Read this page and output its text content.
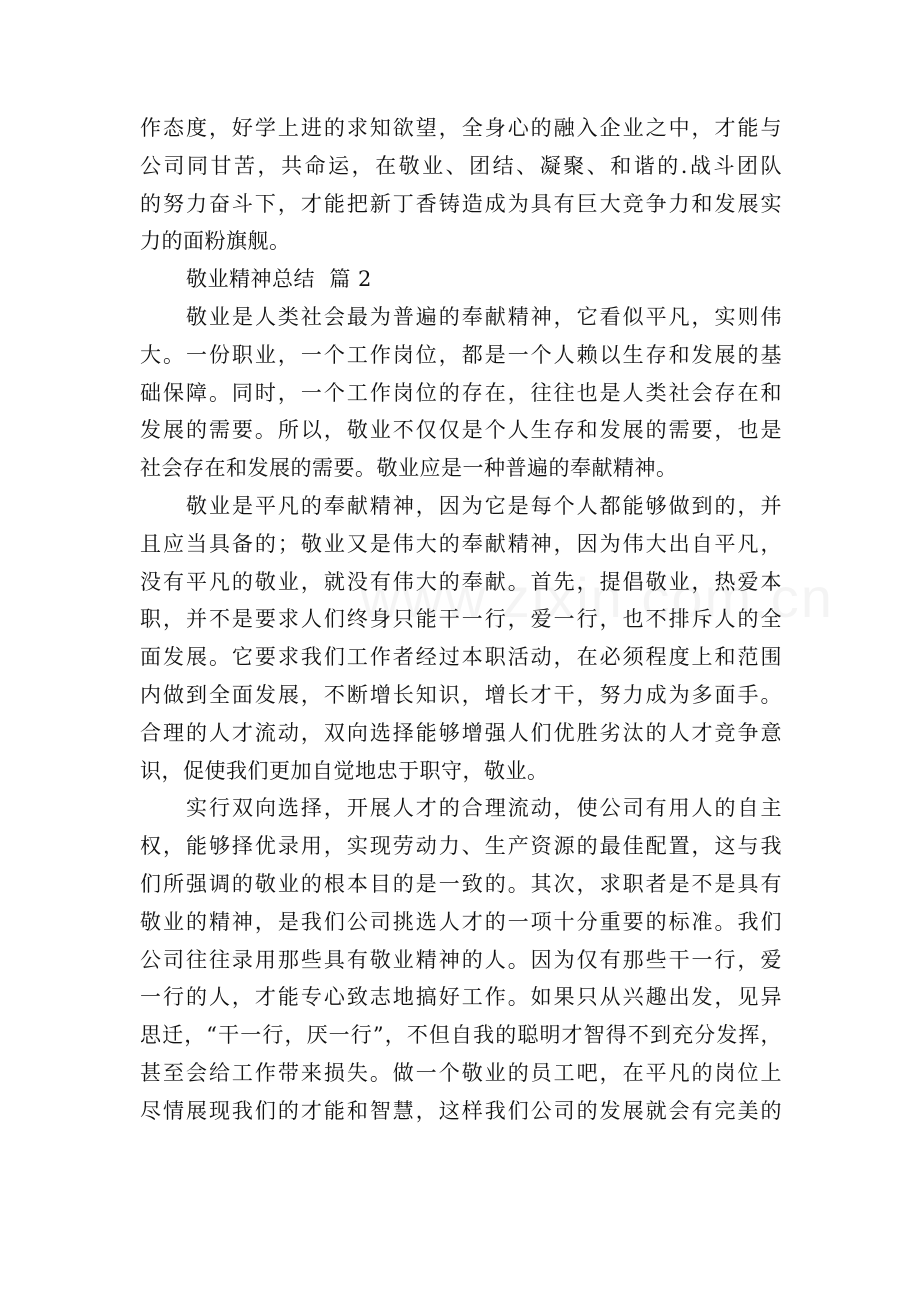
作态度，好学上进的求知欲望，全身心的融入企业之中，才能与
公司同甘苦，共命运，在敬业、团结、凝聚、和谐的.战斗团队
的努力奋斗下，才能把新丁香铸造成为具有巨大竞争力和发展实
力的面粉旗舰。
敬业精神总结  篇 2
敬业是人类社会最为普遍的奉献精神，它看似平凡，实则伟
大。一份职业，一个工作岗位，都是一个人赖以生存和发展的基
础保障。同时，一个工作岗位的存在，往往也是人类社会存在和
发展的需要。所以，敬业不仅仅是个人生存和发展的需要，也是
社会存在和发展的需要。敬业应是一种普遍的奉献精神。
敬业是平凡的奉献精神，因为它是每个人都能够做到的，并
且应当具备的；敬业又是伟大的奉献精神，因为伟大出自平凡，
没有平凡的敬业，就没有伟大的奉献。首先，提倡敬业，热爱本
职，并不是要求人们终身只能干一行，爱一行，也不排斥人的全
面发展。它要求我们工作者经过本职活动，在必须程度上和范围
内做到全面发展，不断增长知识，增长才干，努力成为多面手。
合理的人才流动，双向选择能够增强人们优胜劣汰的人才竞争意
识，促使我们更加自觉地忠于职守，敬业。
实行双向选择，开展人才的合理流动，使公司有用人的自主
权，能够择优录用，实现劳动力、生产资源的最佳配置，这与我
们所强调的敬业的根本目的是一致的。其次，求职者是不是具有
敬业的精神，是我们公司挑选人才的一项十分重要的标准。我们
公司往往录用那些具有敬业精神的人。因为仅有那些干一行，爱
一行的人，才能专心致志地搞好工作。如果只从兴趣出发，见异
思迁，“干一行，厌一行”，不但自我的聪明才智得不到充分发挥，
甚至会给工作带来损失。做一个敬业的员工吧，在平凡的岗位上
尽情展现我们的才能和智慧，这样我们公司的发展就会有完美的
